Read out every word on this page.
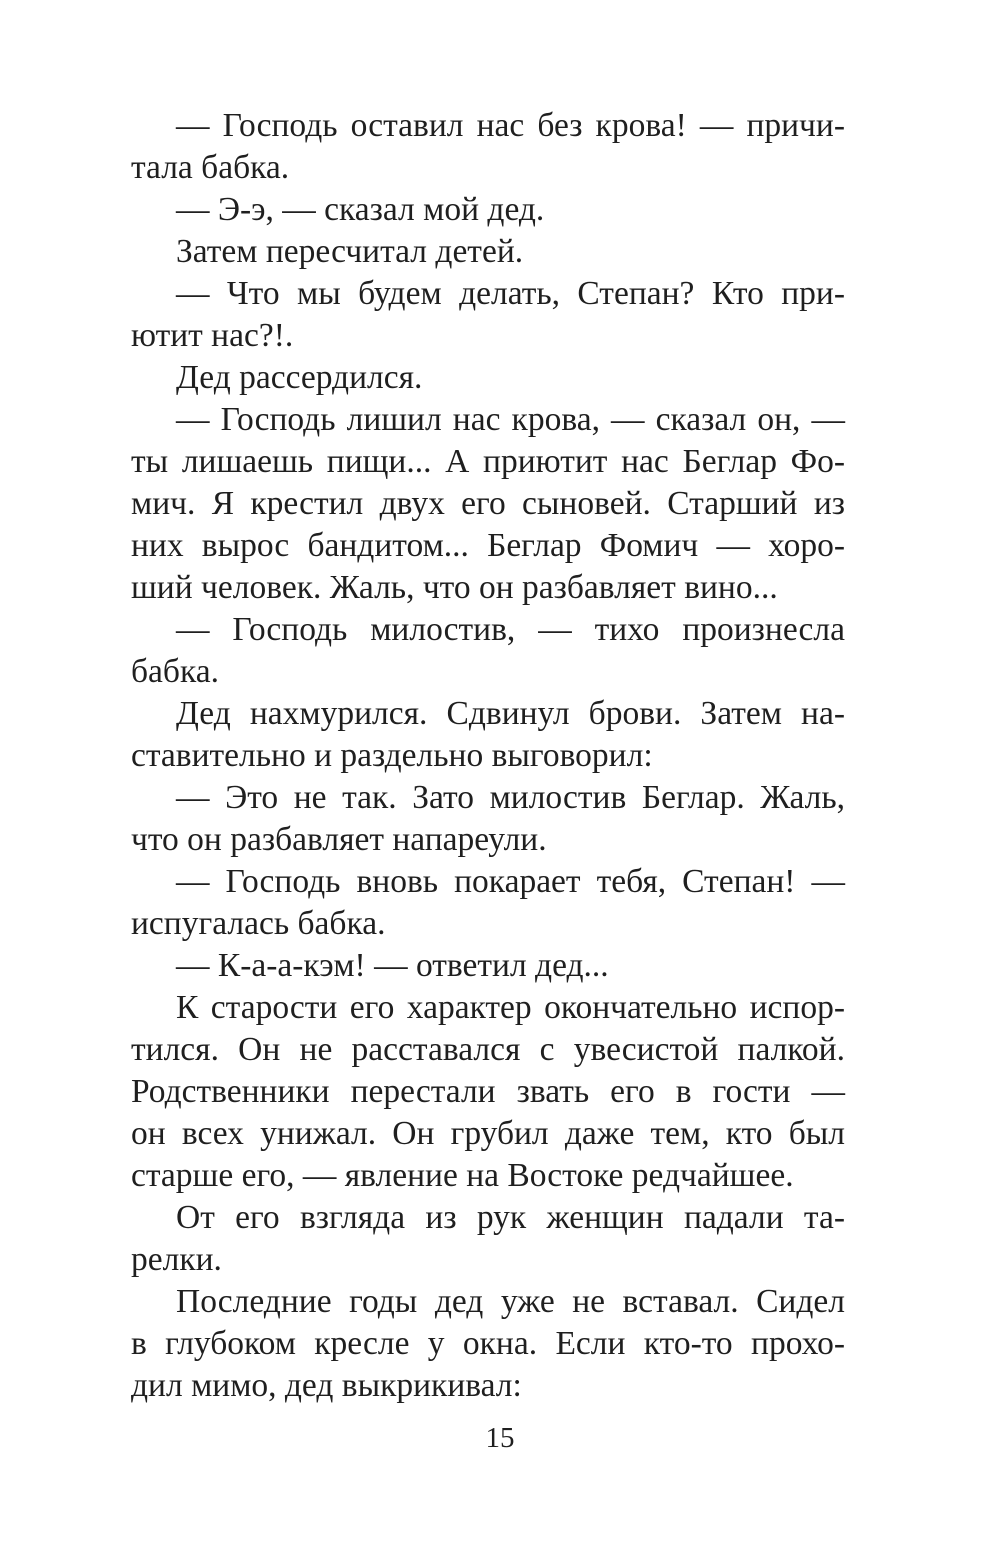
— Господь оставил нас без крова! — причи-
тала бабка.
— Э-э, — сказал мой дед.
Затем пересчитал детей.
— Что мы будем делать, Степан? Кто при-
ютит нас?!.
Дед рассердился.
— Господь лишил нас крова, — сказал он, —
ты лишаешь пищи... А приютит нас Беглар Фо-
мич. Я крестил двух его сыновей. Старший из
них вырос бандитом... Беглар Фомич — хоро-
ший человек. Жаль, что он разбавляет вино...
— Господь милостив, — тихо произнесла
бабка.
Дед нахмурился. Сдвинул брови. Затем на-
ставительно и раздельно выговорил:
— Это не так. Зато милостив Беглар. Жаль,
что он разбавляет напареули.
— Господь вновь покарает тебя, Степан! —
испугалась бабка.
— К-а-а-кэм! — ответил дед...
К старости его характер окончательно испор-
тился. Он не расставался с увесистой палкой.
Родственники перестали звать его в гости —
он всех унижал. Он грубил даже тем, кто был
старше его, — явление на Востоке редчайшее.
От его взгляда из рук женщин падали та-
релки.
Последние годы дед уже не вставал. Сидел
в глубоком кресле у окна. Если кто-то прохо-
дил мимо, дед выкрикивал:
15
